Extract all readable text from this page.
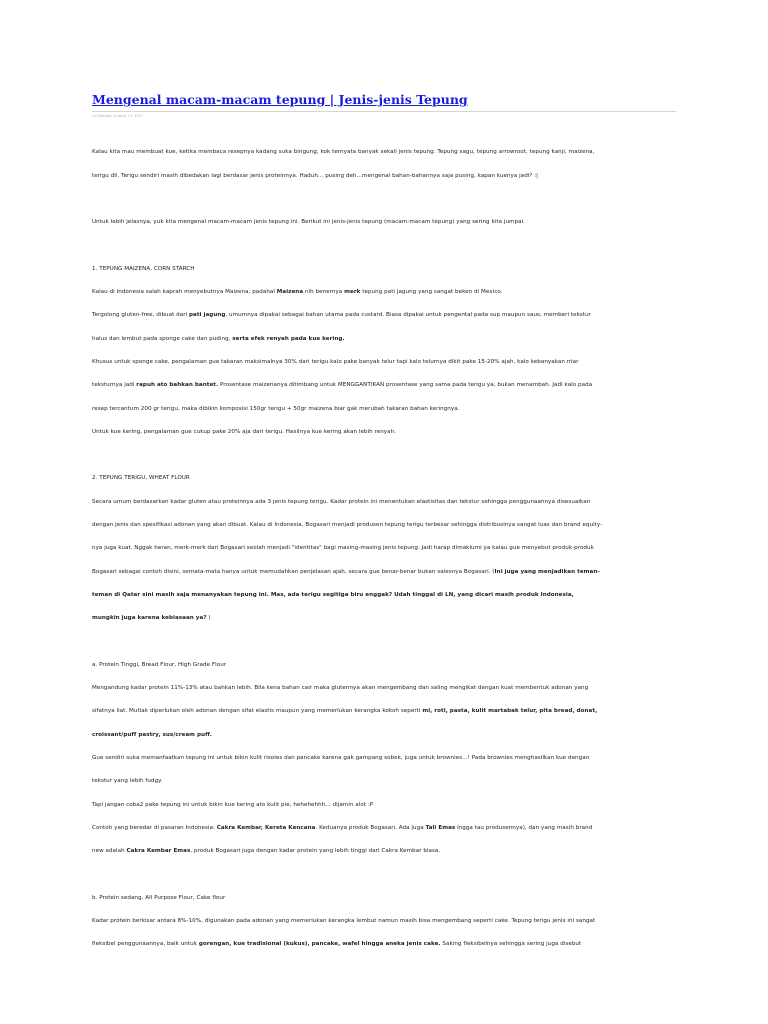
Mengenal macam-macam tepung | Jenis-jenis Tepung
On Monday, August 13, 2012

Kalau kita mau membuat kue, ketika membaca resepnya kadang suka bingung, kok ternyata banyak sekali jenis tepung. Tepung sagu, tepung arrowroot, tepung kanji, maizena,

terigu dll. Terigu sendiri masih dibedakan lagi berdasar jenis proteinnya. Haduh... pusing deh...mengenal bahan-bahannya saja pusing, kapan kuenya jadi? :|

Untuk lebih jelasnya, yuk kita mengenal macam-macam jenis tepung ini. Berikut ini jenis-jenis tepung (macam-macam tepung) yang sering kita jumpai.

1. TEPUNG MAIZENA, CORN STARCH

Kalau di Indonesia salah kaprah menyebutnya Maizena, padahal Maizena nih benernya merk tepung pati jagung yang sangat beken di Mexico.

Tergolong gluten-free, dibuat dari pati jagung, umumnya dipakai sebagai bahan utama pada custard. Biasa dipakai untuk pengental pada sup maupun saus, memberi tekstur

halus dan lembut pada sponge cake dan puding, serta efek renyah pada kue kering.

Khusus untuk sponge cake, pengalaman gue takaran maksimalnya 30% dari terigu kalo pake banyak telur tapi kalo telurnya dikit pake 15-20% ajah, kalo kebanyakan ntar

teksturnya jadi rapuh ato bahkan bantet. Prosentase maizenanya ditimbang untuk MENGGANTIKAN prosentase yang sama pada terigu ya, bukan menambah. Jadi kalo pada

resep tercantum 200 gr terigu, maka dibikin komposisi 150gr terigu + 50gr maizena biar gak merubah takaran bahan keringnya.

Untuk kue kering, pengalaman gue cukup pake 20% aja dari terigu. Hasilnya kue kering akan lebih renyah.

2. TEPUNG TERIGU, WHEAT FLOUR

Secara umum berdasarkan kadar gluten atau proteinnya ada 3 jenis tepung terigu. Kadar protein ini menentukan elastisitas dan tekstur sehingga penggunaannya disesuaikan

dengan jenis dan spesifikasi adonan yang akan dibuat. Kalau di Indonesia, Bogasari menjadi produsen tepung terigu terbesar sehingga distribusinya sangat luas dan brand equity-

nya juga kuat. Nggak heran, merk-merk dari Bogasari seolah menjadi "identitas" bagi masing-masing jenis tepung. Jadi harap dimaklumi ya kalau gue menyebut produk-produk

Bogasari sebagai contoh disini, semata-mata hanya untuk memudahkan penjelasan ajah, secara gue benar-benar bukan salesnya Bogasari. (Ini juga yang menjadikan teman-

teman di Qatar sini masih saja menanyakan tepung ini. Mas, ada terigu segitiga biru enggak? Udah tinggal di LN, yang dicari masih produk Indonesia,

mungkin juga karena kebiasaan ya? )

a. Protein Tinggi, Bread Flour, High Grade Flour

Mengandung kadar protein 11%-13% atau bahkan lebih. Bila kena bahan cair maka glutennya akan mengembang dan saling mengikat dengan kuat membentuk adonan yang

sifatnya liat. Mutlak diperlukan oleh adonan dengan sifat elastis maupun yang memerlukan kerangka kokoh seperti mi, roti, pasta, kulit martabak telur, pita bread, donat,

croissant/puff pastry, sus/cream puff.

Gue sendiri suka memanfaatkan tepung ini untuk bikin kulit risoles dan pancake karena gak gampang sobek, juga untuk brownies...! Pada brownies menghasilkan kue dengan

tekstur yang lebih fudgy.

Tapi jangan coba2 pake tepung ini untuk bikin kue kering ato kulit pie, hehehehhh... dijamin alot :P

Contoh yang beredar di pasaran Indonesia: Cakra Kembar, Kereta Kencana. Keduanya produk Bogasari. Ada juga Tali Emas lngga tau produsennya), dan yang masih brand

new adalah Cakra Kembar Emas, produk Bogasari juga dengan kadar protein yang lebih tinggi dari Cakra Kembar biasa.

b. Protein sedang, All Purpose Flour, Cake flour

Kadar protein berkisar antara 8%-10%, digunakan pada adonan yang memerlukan kerangka lembut namun masih bisa mengembang seperti cake. Tepung terigu jenis ini sangat

fleksibel penggunaannya, baik untuk gorengan, kue tradisional (kukus), pancake, wafel hingga aneka jenis cake. Saking fleksibelnya sehingga sering juga disebut
